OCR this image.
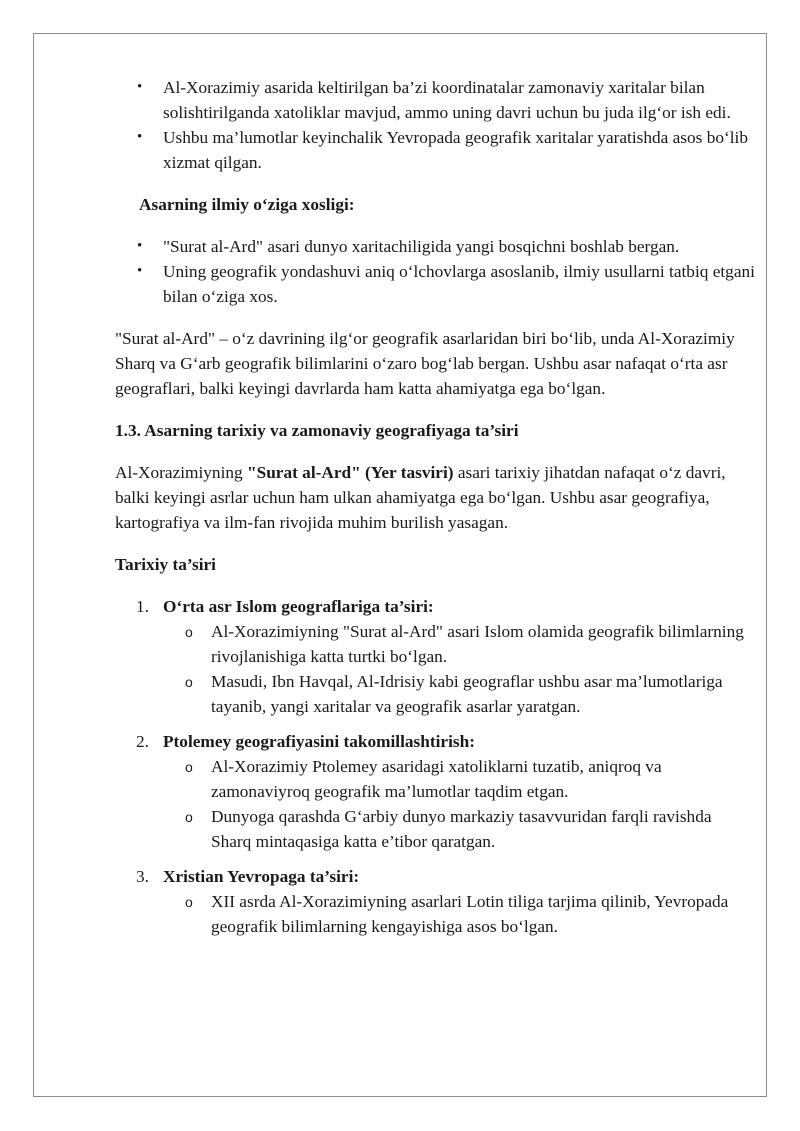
• Al-Xorazimiy asarida keltirilgan ba’zi koordinatalar zamonaviy xaritalar bilan solishtirilganda xatoliklar mavjud, ammo uning davri uchun bu juda ilg‘or ish edi.
• Ushbu ma’lumotlar keyinchalik Yevropada geografik xaritalar yaratishda asos bo‘lib xizmat qilgan.

Asarning ilmiy o‘ziga xosligi:

• "Surat al-Ard" asari dunyo xaritachiligida yangi bosqichni boshlab bergan.
• Uning geografik yondashuvi aniq o‘lchovlarga asoslanib, ilmiy usullarni tatbiq etgani bilan o‘ziga xos.

"Surat al-Ard" – o‘z davrining ilg‘or geografik asarlaridan biri bo‘lib, unda Al-Xorazimiy Sharq va G‘arb geografik bilimlarini o‘zaro bog‘lab bergan. Ushbu asar nafaqat o‘rta asr geograflari, balki keyingi davrlarda ham katta ahamiyatga ega bo‘lgan.

1.3. Asarning tarixiy va zamonaviy geografiyaga ta’siri

Al-Xorazimiyning "Surat al-Ard" (Yer tasviri) asari tarixiy jihatdan nafaqat o‘z davri, balki keyingi asrlar uchun ham ulkan ahamiyatga ega bo‘lgan. Ushbu asar geografiya, kartografiya va ilm-fan rivojida muhim burilish yasagan.

Tarixiy ta’siri

1. O‘rta asr Islom geograflariga ta’siri:
o Al-Xorazimiyning "Surat al-Ard" asari Islom olamida geografik bilimlarning rivojlanishiga katta turtki bo‘lgan.
o Masudi, Ibn Havqal, Al-Idrisiy kabi geograflar ushbu asar ma’lumotlariga tayanib, yangi xaritalar va geografik asarlar yaratgan.
2. Ptolemey geografiyasini takomillashtirish:
o Al-Xorazimiy Ptolemey asaridagi xatoliklarni tuzatib, aniqroq va zamonaviyroq geografik ma’lumotlar taqdim etgan.
o Dunyoga qarashda G‘arbiy dunyo markaziy tasavvuridan farqli ravishda Sharq mintaqasiga katta e’tibor qaratgan.
3. Xristian Yevropaga ta’siri:
o XII asrda Al-Xorazimiyning asarlari Lotin tiligа tarjima qilinib, Yevropada geografik bilimlarning kengayishiga asos bo‘lgan.
